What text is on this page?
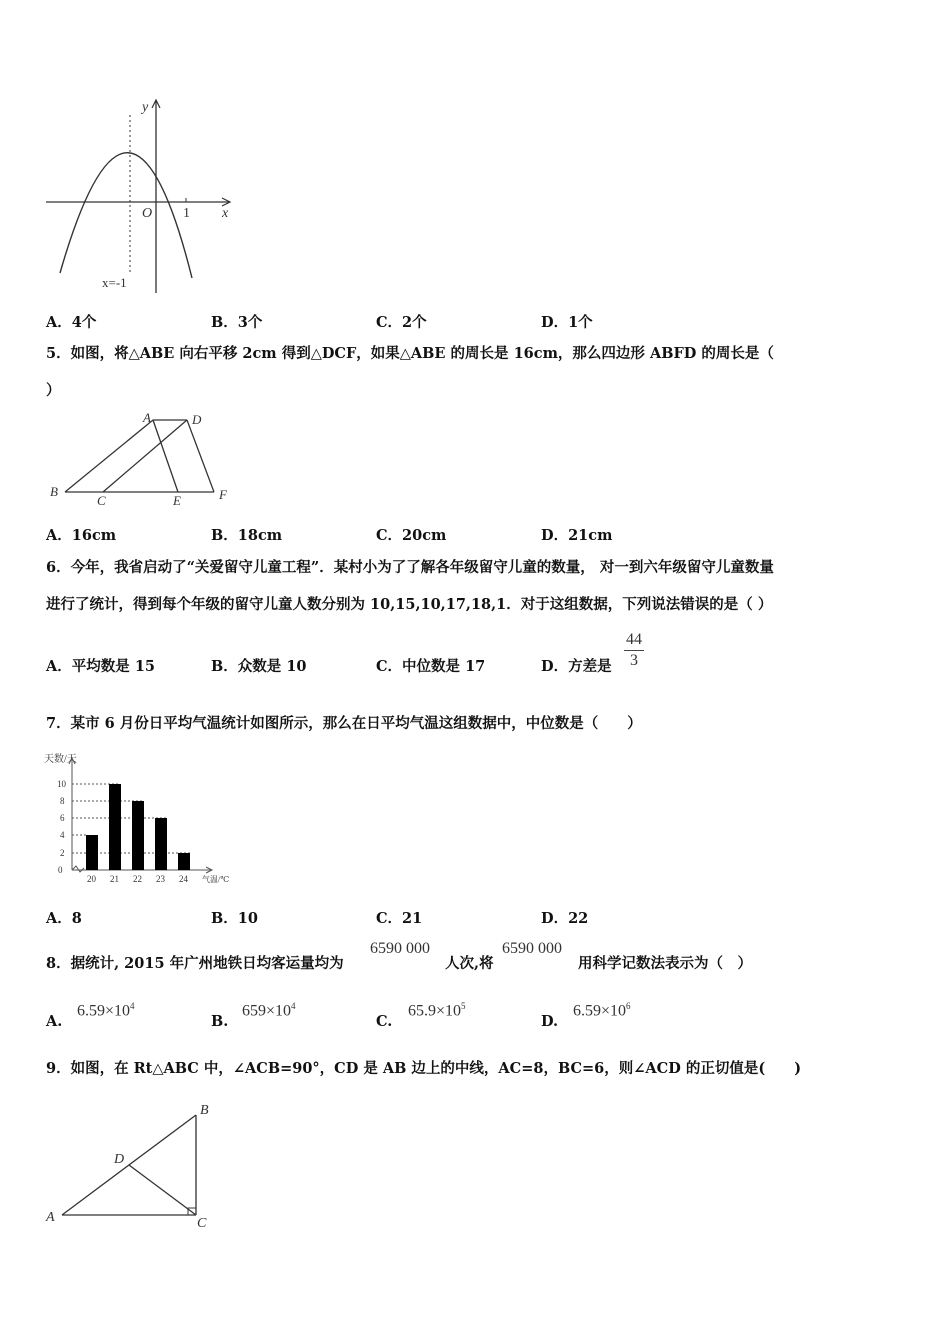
y
x
O 1
x=-1
A．4个	B．3个	C．2个	D．1个
5．如图，将△ABE 向右平移 2cm 得到△DCF，如果△ABE 的周长是 16cm，那么四边形 ABFD 的周长是（
）
A	D
B
C	E	F
A．16cm	B．18cm	C．20cm	D．21cm
6．今年，我省启动了“关爱留守儿童工程”．某村小为了了解各年级留守儿童的数量， 对一到六年级留守儿童数量
进行了统计，得到每个年级的留守儿童人数分别为 10,15,10,17,18,1．对于这组数据，下列说法错误的是（ ）
A．平均数是 15	B．众数是 10	C．中位数是 17	D．方差是 $\frac{44}{3}$
7．某市 6 月份日平均气温统计如图所示，那么在日平均气温这组数据中，中位数是（　　）
天数/天
0
2
4
6
8
10
20 21 22 23 24 气温/℃
A．8	B．10	C．21	D．22
8．据统计, 2015 年广州地铁日均客运量均为
6590 000
人次,将
6590 000
用科学记数法表示为（　）
A.
$6.59\times 10^4$
B.
$659\times 10^4$
C.
$65.9\times 10^5$
D.
$6.59\times 10^6$
9．如图，在 Rt△ABC 中，∠ACB=90°，CD 是 AB 边上的中线，AC=8，BC=6，则∠ACD 的正切值是(　　)
A
B
C
D
